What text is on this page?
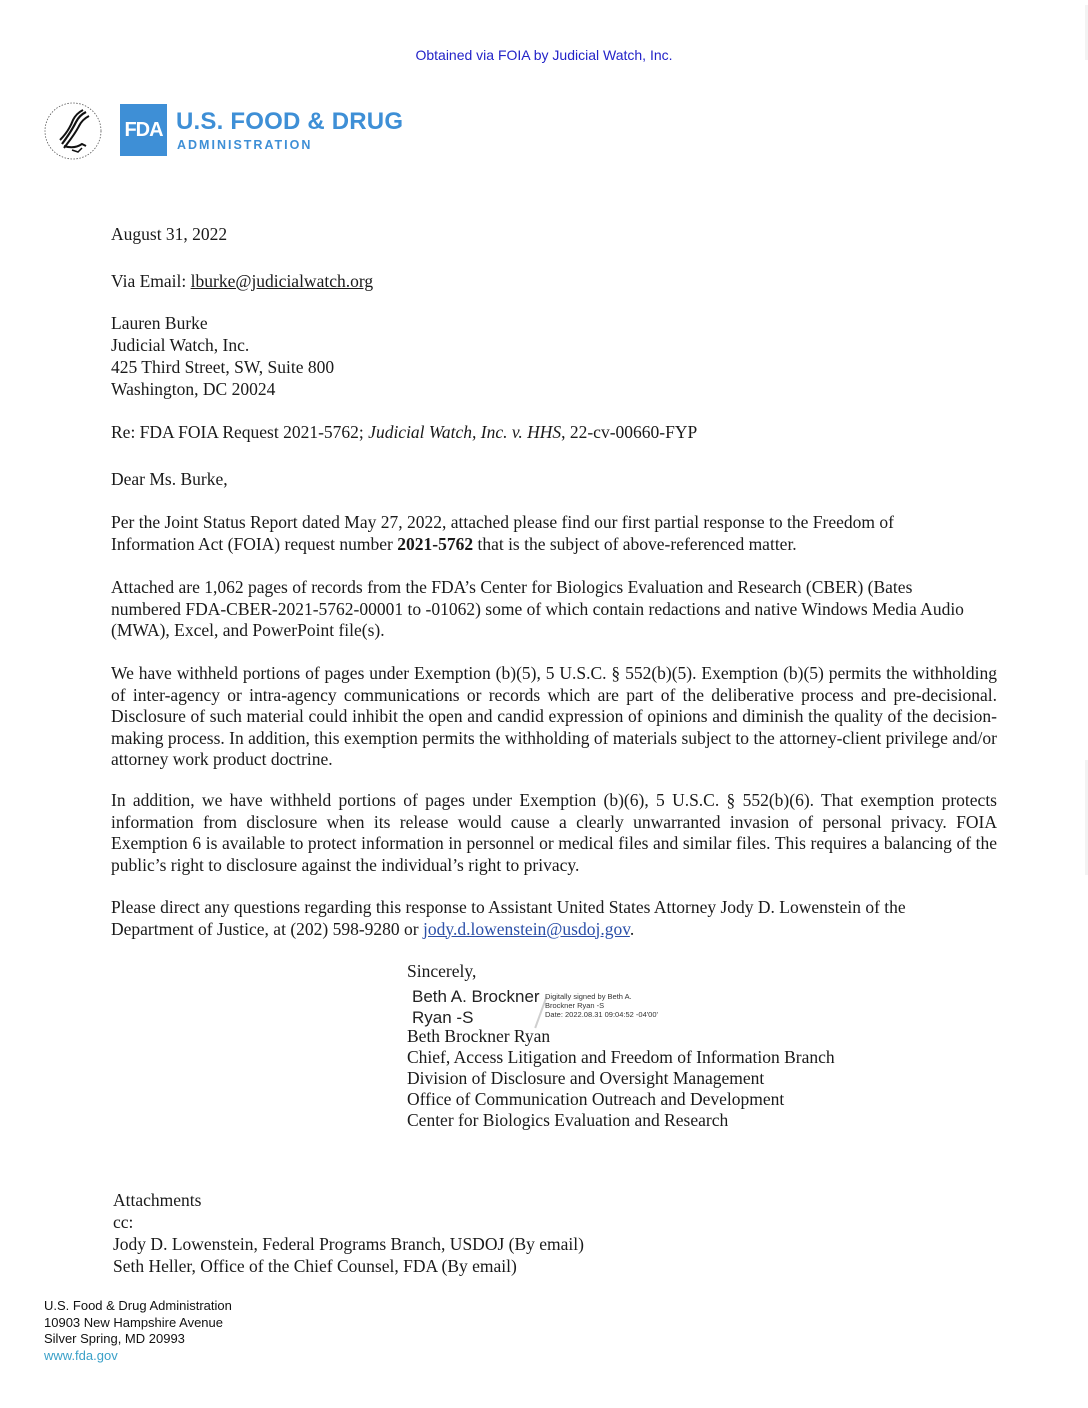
Obtained via FOIA by Judicial Watch, Inc.
FDA U.S. FOOD & DRUG
ADMINISTRATION
August 31, 2022
Via Email: lburke@judicialwatch.org
Lauren Burke
Judicial Watch, Inc.
425 Third Street, SW, Suite 800
Washington, DC 20024
Re: FDA FOIA Request 2021-5762; Judicial Watch, Inc. v. HHS, 22-cv-00660-FYP
Dear Ms. Burke,
Per the Joint Status Report dated May 27, 2022, attached please find our first partial response to the Freedom of Information Act (FOIA) request number 2021-5762 that is the subject of above-referenced matter.
Attached are 1,062 pages of records from the FDA’s Center for Biologics Evaluation and Research (CBER) (Bates numbered FDA-CBER-2021-5762-00001 to -01062) some of which contain redactions and native Windows Media Audio (MWA), Excel, and PowerPoint file(s).
We have withheld portions of pages under Exemption (b)(5), 5 U.S.C. § 552(b)(5). Exemption (b)(5) permits the withholding of inter-agency or intra-agency communications or records which are part of the deliberative process and pre-decisional. Disclosure of such material could inhibit the open and candid expression of opinions and diminish the quality of the decision-making process. In addition, this exemption permits the withholding of materials subject to the attorney-client privilege and/or attorney work product doctrine.
In addition, we have withheld portions of pages under Exemption (b)(6), 5 U.S.C. § 552(b)(6). That exemption protects information from disclosure when its release would cause a clearly unwarranted invasion of personal privacy. FOIA Exemption 6 is available to protect information in personnel or medical files and similar files. This requires a balancing of the public’s right to disclosure against the individual’s right to privacy.
Please direct any questions regarding this response to Assistant United States Attorney Jody D. Lowenstein of the Department of Justice, at (202) 598-9280 or jody.d.lowenstein@usdoj.gov.
Sincerely,
Beth A. Brockner
Ryan -S
Digitally signed by Beth A.
Brockner Ryan -S
Date: 2022.08.31 09:04:52 -04'00'
Beth Brockner Ryan
Chief, Access Litigation and Freedom of Information Branch
Division of Disclosure and Oversight Management
Office of Communication Outreach and Development
Center for Biologics Evaluation and Research
Attachments
cc:
Jody D. Lowenstein, Federal Programs Branch, USDOJ (By email)
Seth Heller, Office of the Chief Counsel, FDA (By email)
U.S. Food & Drug Administration
10903 New Hampshire Avenue
Silver Spring, MD 20993
www.fda.gov
